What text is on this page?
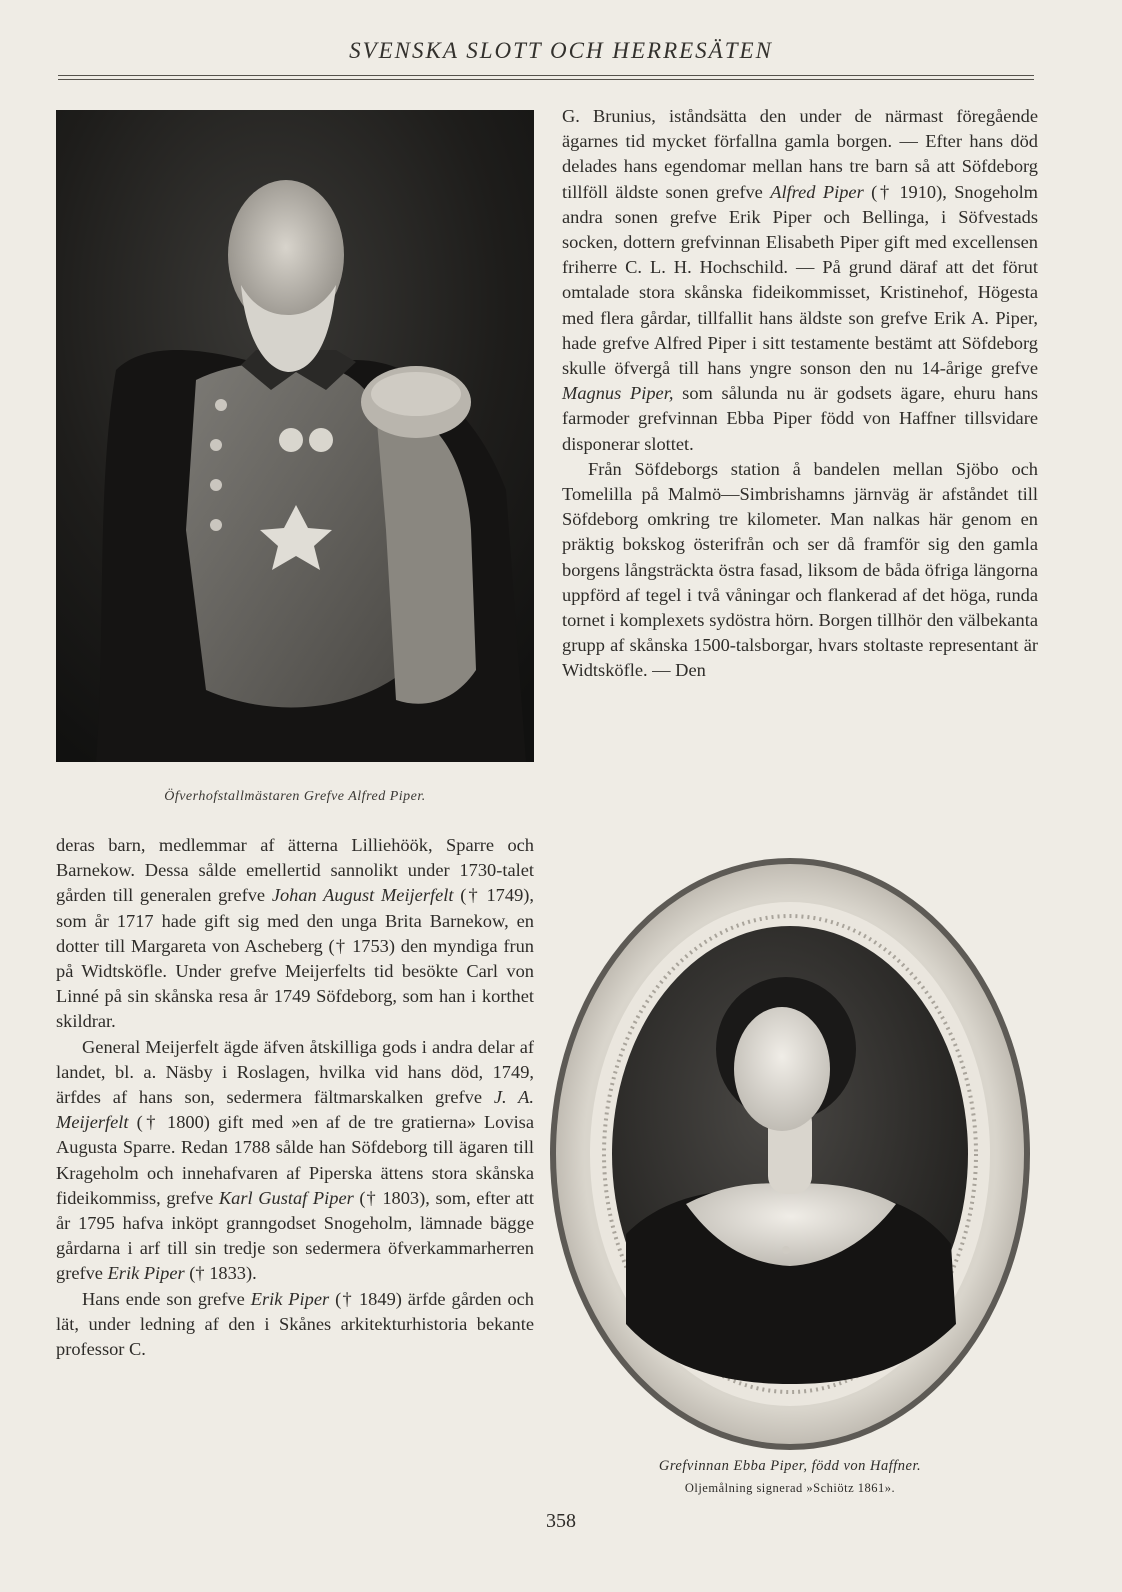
SVENSKA SLOTT OCH HERRESÄTEN
Öfverhofstallmästaren Grefve Alfred Piper.

G. Brunius, iståndsätta den under de närmast föregående ägarnes tid mycket förfallna gamla borgen. — Efter hans död delades hans egendomar mellan hans tre barn så att Söfdeborg tillföll äldste sonen grefve Alfred Piper († 1910), Snogeholm andra sonen grefve Erik Piper och Bellinga, i Söfvestads socken, dottern grefvinnan Elisabeth Piper gift med excellensen friherre C. L. H. Hochschild. — På grund däraf att det förut omtalade stora skånska fideikommisset, Kristinehof, Högesta med flera gårdar, tillfallit hans äldste son grefve Erik A. Piper, hade grefve Alfred Piper i sitt testamente bestämt att Söfdeborg skulle öfvergå till hans yngre sonson den nu 14-årige grefve Magnus Piper, som sålunda nu är godsets ägare, ehuru hans farmoder grefvinnan Ebba Piper född von Haffner tillsvidare disponerar slottet.

Från Söfdeborgs station å bandelen mellan Sjöbo och Tomelilla på Malmö—Simbrishamns järnväg är afståndet till Söfdeborg omkring tre kilometer. Man nalkas här genom en präktig bokskog österifrån och ser då framför sig den gamla borgens långsträckta östra fasad, liksom de båda öfriga längorna uppförd af tegel i två våningar och flankerad af det höga, runda tornet i komplexets sydöstra hörn. Borgen tillhör den välbekanta grupp af skånska 1500-talsborgar, hvars stoltaste representant är Widtsköfle. — Den

deras barn, medlemmar af ätterna Lilliehöök, Sparre och Barnekow. Dessa sålde emellertid sannolikt under 1730-talet gården till generalen grefve Johan August Meijerfelt († 1749), som år 1717 hade gift sig med den unga Brita Barnekow, en dotter till Margareta von Ascheberg († 1753) den myndiga frun på Widtsköfle. Under grefve Meijerfelts tid besökte Carl von Linné på sin skånska resa år 1749 Söfdeborg, som han i korthet skildrar.

General Meijerfelt ägde äfven åtskilliga gods i andra delar af landet, bl. a. Näsby i Roslagen, hvilka vid hans död, 1749, ärfdes af hans son, sedermera fältmarskalken grefve J. A. Meijerfelt († 1800) gift med »en af de tre gratierna» Lovisa Augusta Sparre. Redan 1788 sålde han Söfdeborg till ägaren till Krageholm och innehafvaren af Piperska ättens stora skånska fideikommiss, grefve Karl Gustaf Piper († 1803), som, efter att år 1795 hafva inköpt granngodset Snogeholm, lämnade bägge gårdarna i arf till sin tredje son sedermera öfverkammarherren grefve Erik Piper († 1833).

Hans ende son grefve Erik Piper († 1849) ärfde gården och lät, under ledning af den i Skånes arkitekturhistoria bekante professor C.

Grefvinnan Ebba Piper, född von Haffner.
Oljemålning signerad »Schiötz 1861».
358
